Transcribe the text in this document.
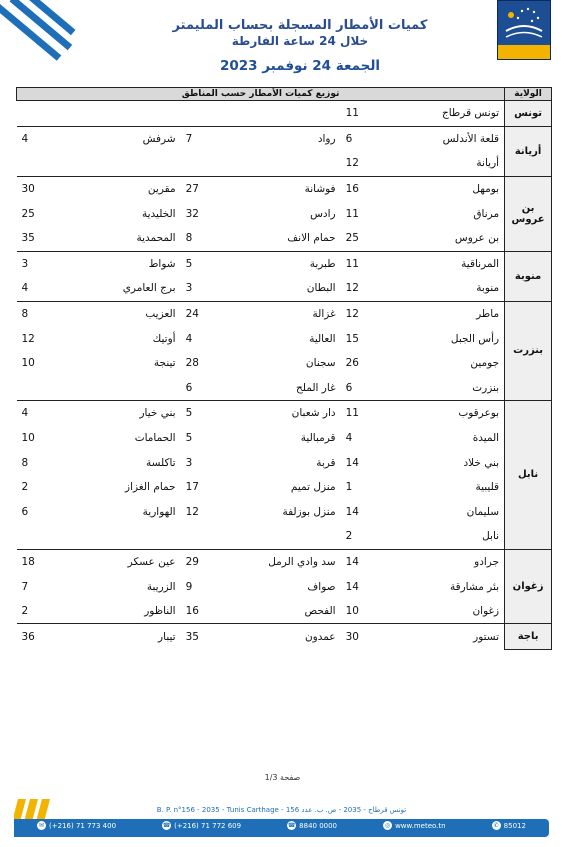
كميات الأمطار المسجلة بحساب المليمتر
خلال 24 ساعة الفارطة
الجمعة 24 نوفمبر 2023
الولاية	توزيع كميات الأمطار حسب المناطق					
تونس	تونس قرطاج	11				
أريانة	قلعة الأندلس	6	رواد	7	شرفش	4
	أريانة	12				
بن عروس	بومهل	16	فوشانة	27	مقرين	30
	مرناق	11	رادس	32	الخليدية	25
	بن عروس	25	حمام الانف	8	المحمدية	35
منوبة	المرناقية	11	طبربة	5	شواط	3
	منوبة	12	البطان	3	برج العامري	4
بنزرت	ماطر	12	غزالة	24	العزيب	8
	رأس الجبل	15	العالية	4	أوتيك	12
	جومين	26	سجنان	28	تينجة	10
	بنزرت	6	غار الملح	6		
نابل	بوعرقوب	11	دار شعبان	5	بني خيار	4
	الميدة	4	قرمبالية	5	الحمامات	10
	بني خلاد	14	قربة	3	تاكلسة	8
	قليبية	1	منزل تميم	17	حمام الغزاز	2
	سليمان	14	منزل بوزلفة	12	الهوارية	6
	نابل	2				
زغوان	جرادو	14	سد وادي الرمل	29	عين عسكر	18
	بئر مشارقة	14	صواف	9	الزريبة	7
	زغوان	10	الفحص	16	الناظور	2
باجة	تستور	30	عمدون	35	تيبار	36
صفحة 1/3
B. P. n°156 - 2035 - Tunis Carthage - تونس قرطاج - 2035 - ص. ب. عدد 156
✉ (+216) 71 773 400	☎ (+216) 71 772 609	☎ 8840 0000	◎ www.meteo.tn	✆ 85012
